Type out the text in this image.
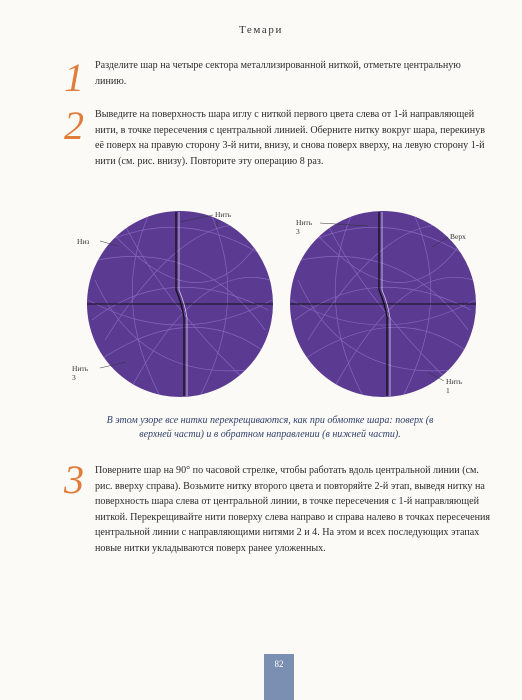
Темари
1 Разделите шар на четыре сектора металлизированной ниткой, отметьте центральную линию.
2 Выведите на поверхность шара иглу с ниткой первого цвета слева от 1-й направляющей нити, в точке пересечения с центральной линией. Оберните нитку вокруг шара, перекинув её поверх на правую сторону 3-й нити, внизу, и снова поверх вверху, на левую сторону 1-й нити (см. рис. внизу). Повторите эту операцию 8 раз.
Нить 1
Низ
Нить 3
Нить 3
Верх
Нить 1
В этом узоре все нитки перекрещиваются, как при обмотке шара: поверх (в верхней части) и в обратном направлении (в нижней части).
3 Поверните шар на 90° по часовой стрелке, чтобы работать вдоль центральной линии (см. рис. вверху справа). Возьмите нитку второго цвета и повторяйте 2-й этап, выведя нитку на поверхность шара слева от центральной линии, в точке пересечения с 1-й направляющей ниткой. Перекрещивайте нити поверху слева направо и справа налево в точках пересечения центральной линии с направляющими нитями 2 и 4. На этом и всех последующих этапах новые нитки укладываются поверх ранее уложенных.
82
